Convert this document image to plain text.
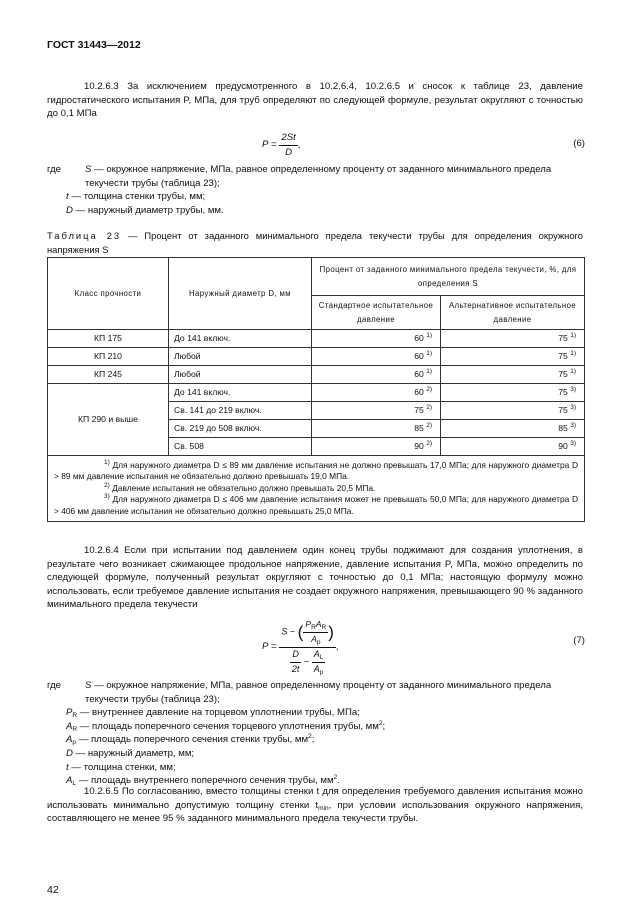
ГОСТ 31443—2012
10.2.6.3 За исключением предусмотренного в 10.2.6.4, 10.2.6.5 и сносок к таблице 23, давление гидростатического испытания P, МПа, для труб определяют по следующей формуле, результат округляют с точностью до 0,1 МПа
$P = \frac{2St}{D}$ ,	(6)
где S — окружное напряжение, МПа, равное определенному проценту от заданного минимального предела текучести трубы (таблица 23);
t — толщина стенки трубы, мм;
D — наружный диаметр трубы, мм.
Таблица 23 — Процент от заданного минимального предела текучести трубы для определения окружного напряжения S
Класс прочности	Наружный диаметр D, мм	Процент от заданного минимального предела текучести, %, для определения S	
		Стандартное испытательное давление	Альтернативное испытательное давление
КП 175	До 141 включ.	60 $^{1)}$	75 $^{1)}$
КП 210	Любой	60 $^{1)}$	75 $^{1)}$
КП 245	Любой	60 $^{1)}$	75 $^{1)}$
КП 290 и выше	До 141 включ.	60 $^{2)}$	75 $^{3)}$
	Св. 141 до 219 включ.	75 $^{2)}$	75 $^{3)}$
	Св. 219 до 508 включ.	85 $^{2)}$	85 $^{3)}$
	Св. 508	90 $^{2)}$	90 $^{3)}$

$^{1)}$ Для наружного диаметра D ≤ 89 мм давление испытания не должно превышать 17,0 МПа; для наружного диаметра D > 89 мм давление испытания не обязательно должно превышать 19,0 МПа.
$^{2)}$ Давление испытания не обязательно должно превышать 20,5 МПа.
$^{3)}$ Для наружного диаметра D ≤ 406 мм давление испытания может не превышать 50,0 МПа; для наружного диаметра D > 406 мм давление испытания не обязательно должно превышать 25,0 МПа.			
10.2.6.4 Если при испытании под давлением один конец трубы поджимают для создания уплотнения, в результате чего возникает сжимающее продольное напряжение, давление испытания P, МПа, можно определить по следующей формуле, полученный результат округляют с точностью до 0,1 МПа; настоящую формулу можно использовать, если требуемое давление испытания не создает окружного напряжения, превышающего 90 % заданного минимального предела текучести
$P = \frac{S - ( \frac{P_RA_R}{A_p} )}{\frac{D}{2t} - \frac{A_L}{A_p}}$ ,
(7)
где S — окружное напряжение, МПа, равное определенному проценту от заданного минимального предела текучести трубы (таблица 23);
$P_R$ — внутреннее давление на торцевом уплотнении трубы, МПа;
$A_R$ — площадь поперечного сечения торцевого уплотнения трубы, $мм^2$;
$A_p$ — площадь поперечного сечения стенки трубы, $мм^2$;
D — наружный диаметр, мм;
t — толщина стенки, мм;
$A_L$ — площадь внутреннего поперечного сечения трубы, $мм^2$.
10.2.6.5 По согласованию, вместо толщины стенки t для определения требуемого давления испытания можно использовать минимально допустимую толщину стенки $t_{min}$, при условии использования окружного напряжения, составляющего не менее 95 % заданного минимального предела текучести трубы.
42
